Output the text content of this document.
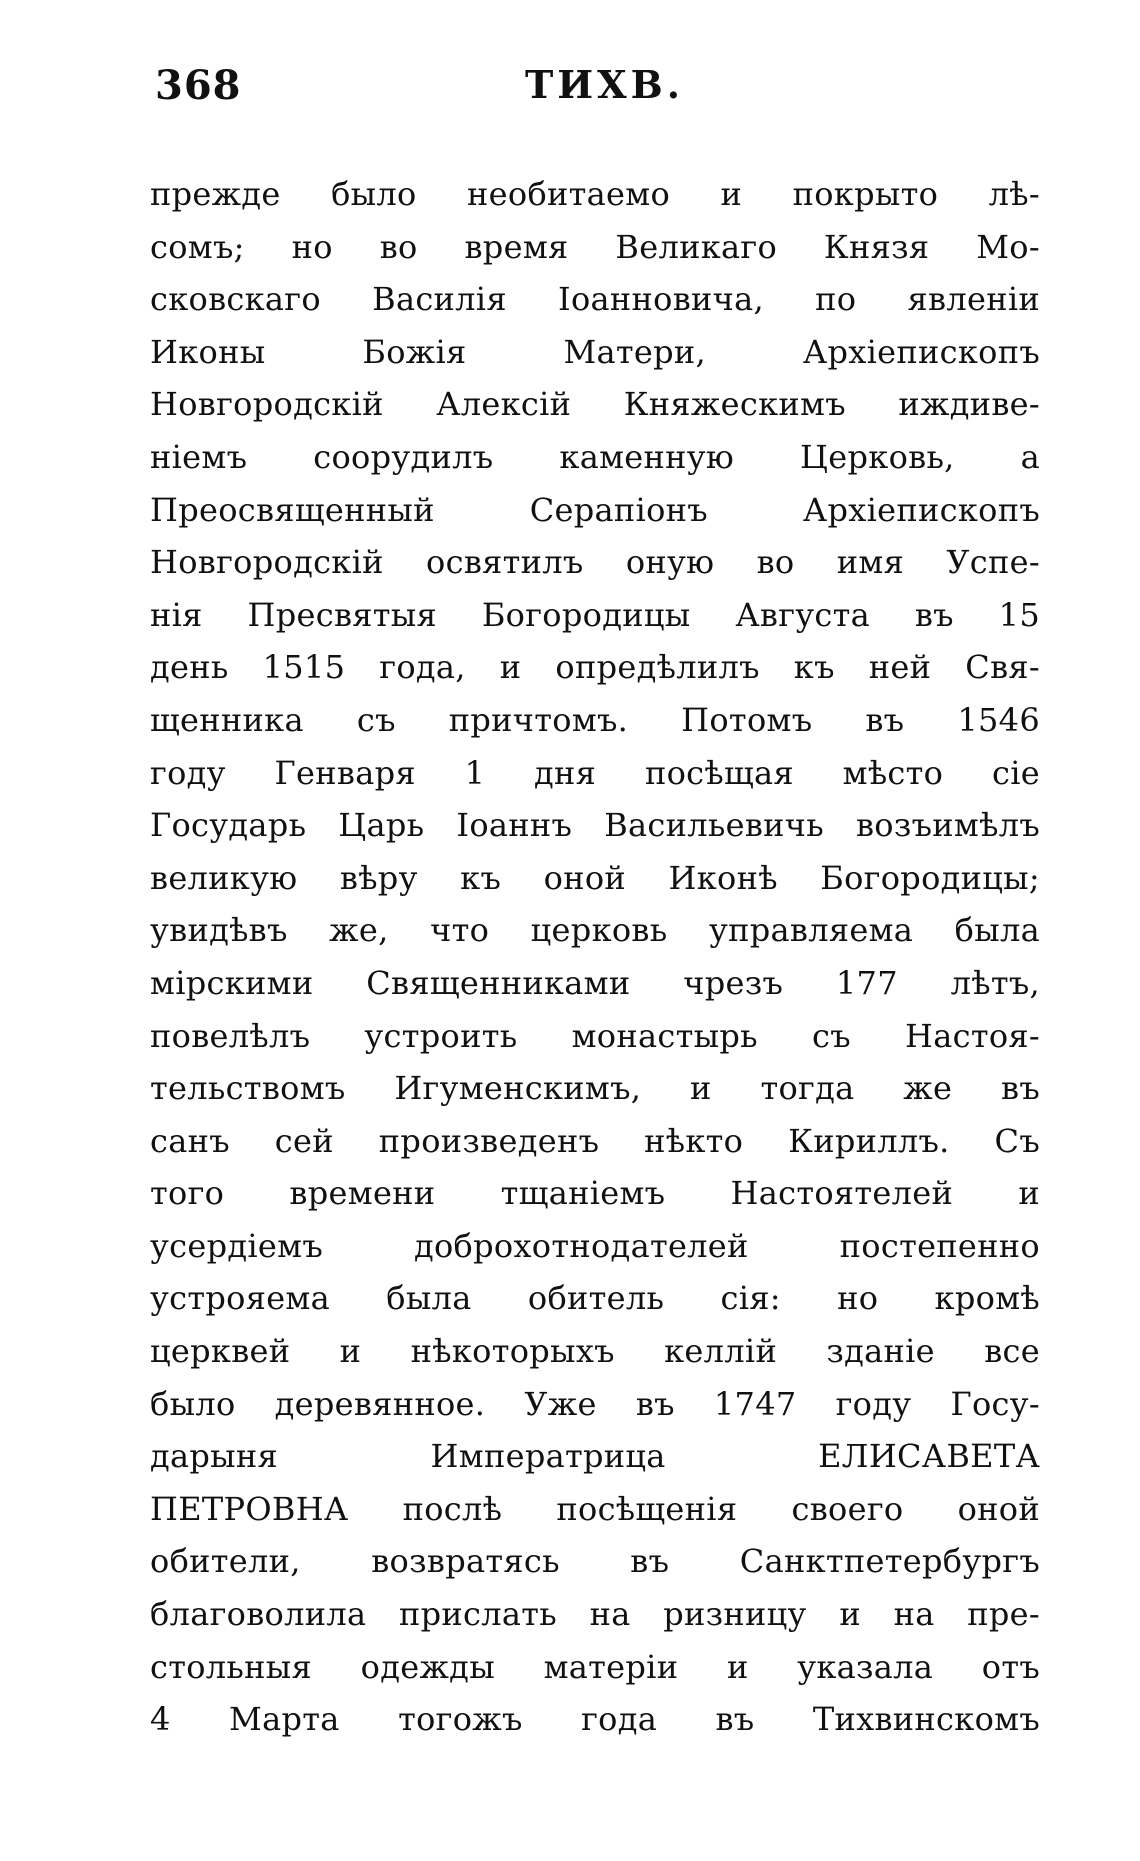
368	ТИХВ.
прежде было необитаемо и покрыто лѣ-
сомъ; но во время Великаго Князя Мо-
сковскаго Василія Іоанновича, по явленіи
Иконы Божія Матери, Архіепископъ
Новгородскій Алексій Княжескимъ иждиве-
ніемъ соорудилъ каменную Церковь, а
Преосвященный Серапіонъ Архіепископъ
Новгородскій освятилъ оную во имя Успе-
нія Пресвятыя Богородицы Августа въ 15
день 1515 года, и опредѣлилъ къ ней Свя-
щенника съ причтомъ. Потомъ въ 1546
году Генваря 1 дня посѣщая мѣсто сіе
Государь Царь Іоаннъ Васильевичь возъимѣлъ
великую вѣру къ оной Иконѣ Богородицы;
увидѣвъ же, что церковь управляема была
мірскими Священниками чрезъ 177 лѣтъ,
повелѣлъ устроить монастырь съ Настоя-
тельствомъ Игуменскимъ, и тогда же въ
санъ сей произведенъ нѣкто Кириллъ. Съ
того времени тщаніемъ Настоятелей и
усердіемъ доброхотнодателей постепенно
устрояема была обитель сія: но кромѣ
церквей и нѣкоторыхъ келлій зданіе все
было деревянное. Уже въ 1747 году Госу-
дарыня Императрица ЕЛИСАВЕТА
ПЕТРОВНА послѣ посѣщенія своего оной
обители, возвратясь въ Санктпетербургъ
благоволила прислать на ризницу и на пре-
стольныя одежды матеріи и указала отъ
4 Марта тогожъ года въ Тихвинскомъ
